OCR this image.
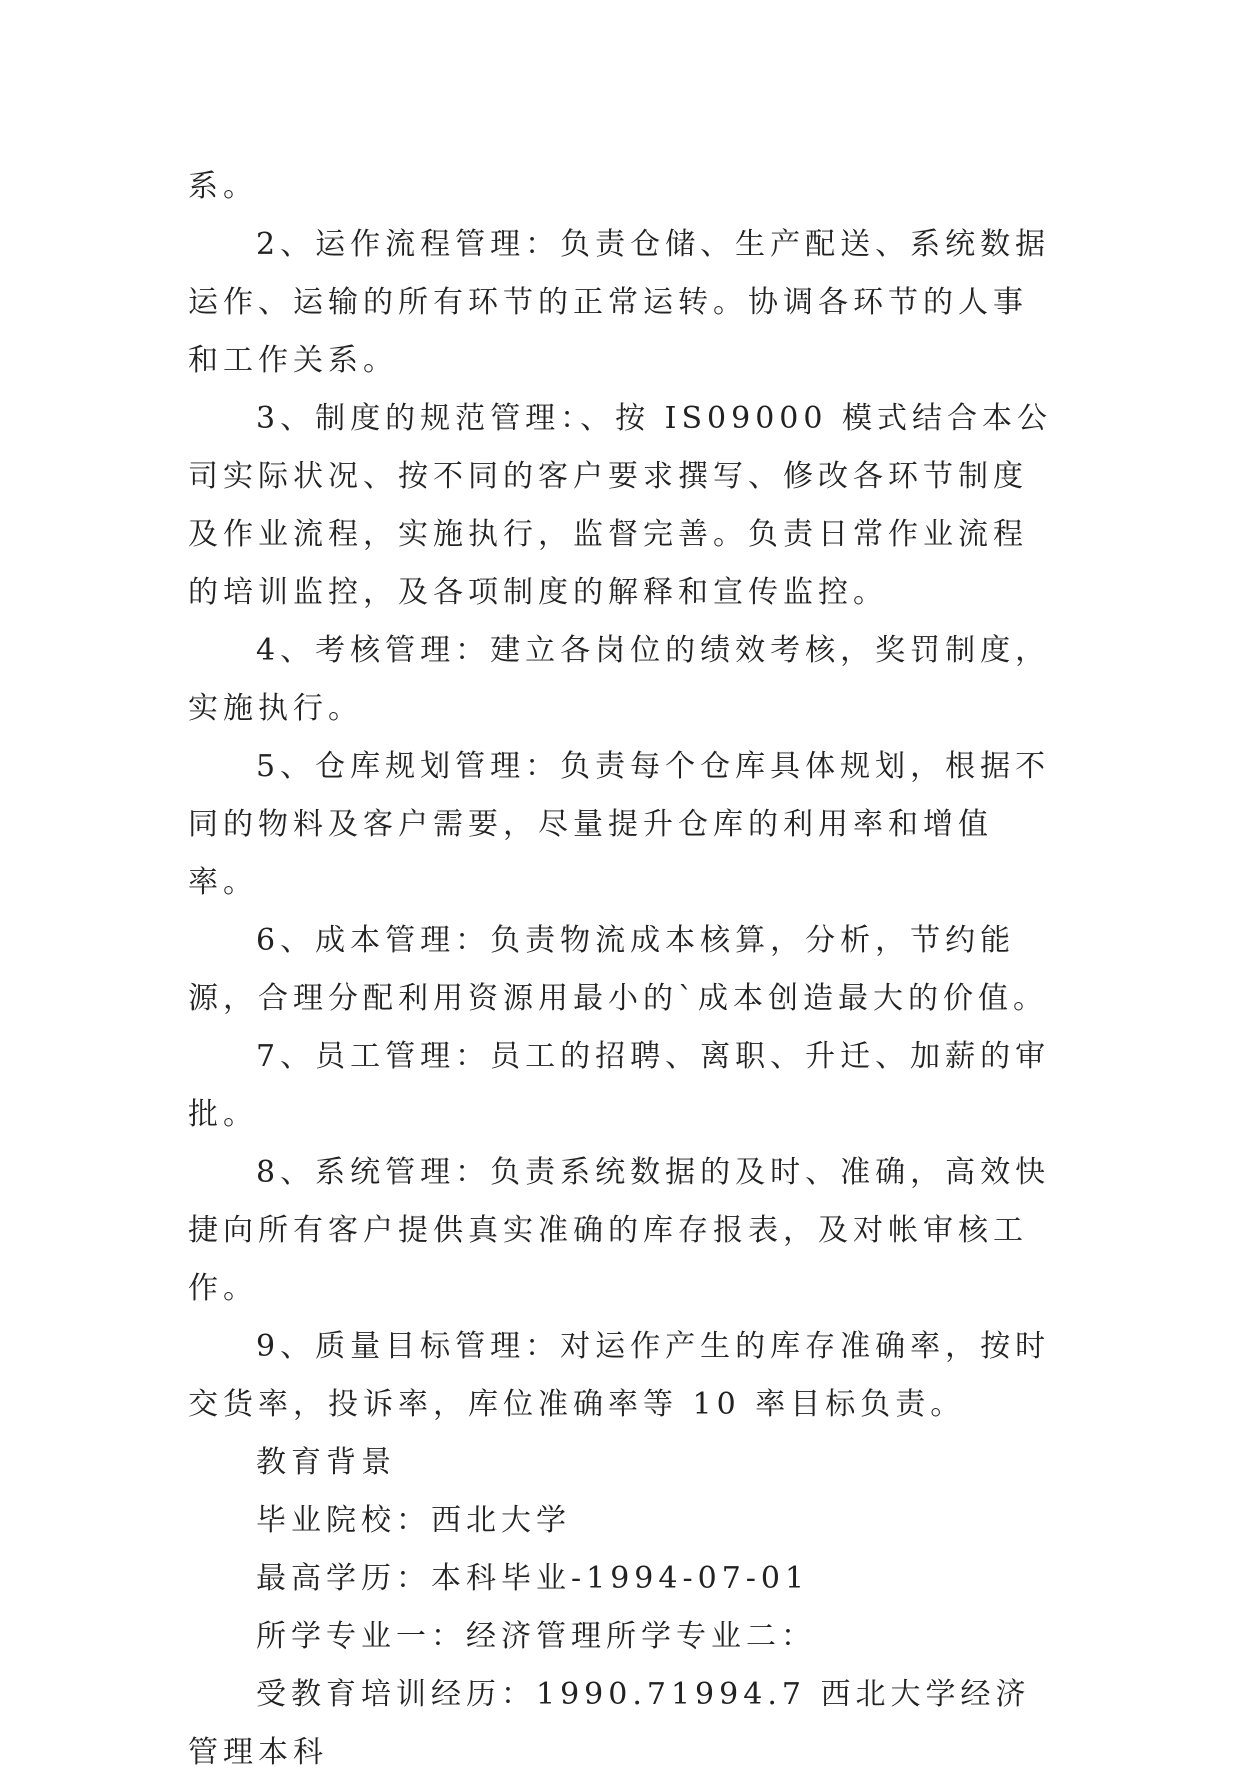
系。

2、运作流程管理：负责仓储、生产配送、系统数据运作、运输的所有环节的正常运转。协调各环节的人事和工作关系。

3、制度的规范管理：、按 IS09000 模式结合本公司实际状况、按不同的客户要求撰写、修改各环节制度及作业流程，实施执行，监督完善。负责日常作业流程的培训监控，及各项制度的解释和宣传监控。

4、考核管理：建立各岗位的绩效考核，奖罚制度，实施执行。

5、仓库规划管理：负责每个仓库具体规划，根据不同的物料及客户需要，尽量提升仓库的利用率和增值率。

6、成本管理：负责物流成本核算，分析，节约能源，合理分配利用资源用最小的`成本创造最大的价值。

7、员工管理：员工的招聘、离职、升迁、加薪的审批。

8、系统管理：负责系统数据的及时、准确，高效快捷向所有客户提供真实准确的库存报表，及对帐审核工作。

9、质量目标管理：对运作产生的库存准确率，按时交货率，投诉率，库位准确率等 10 率目标负责。

教育背景

毕业院校：西北大学

最高学历：本科毕业-1994-07-01

所学专业一：经济管理所学专业二：

受教育培训经历：1990.71994.7 西北大学经济管理本科
